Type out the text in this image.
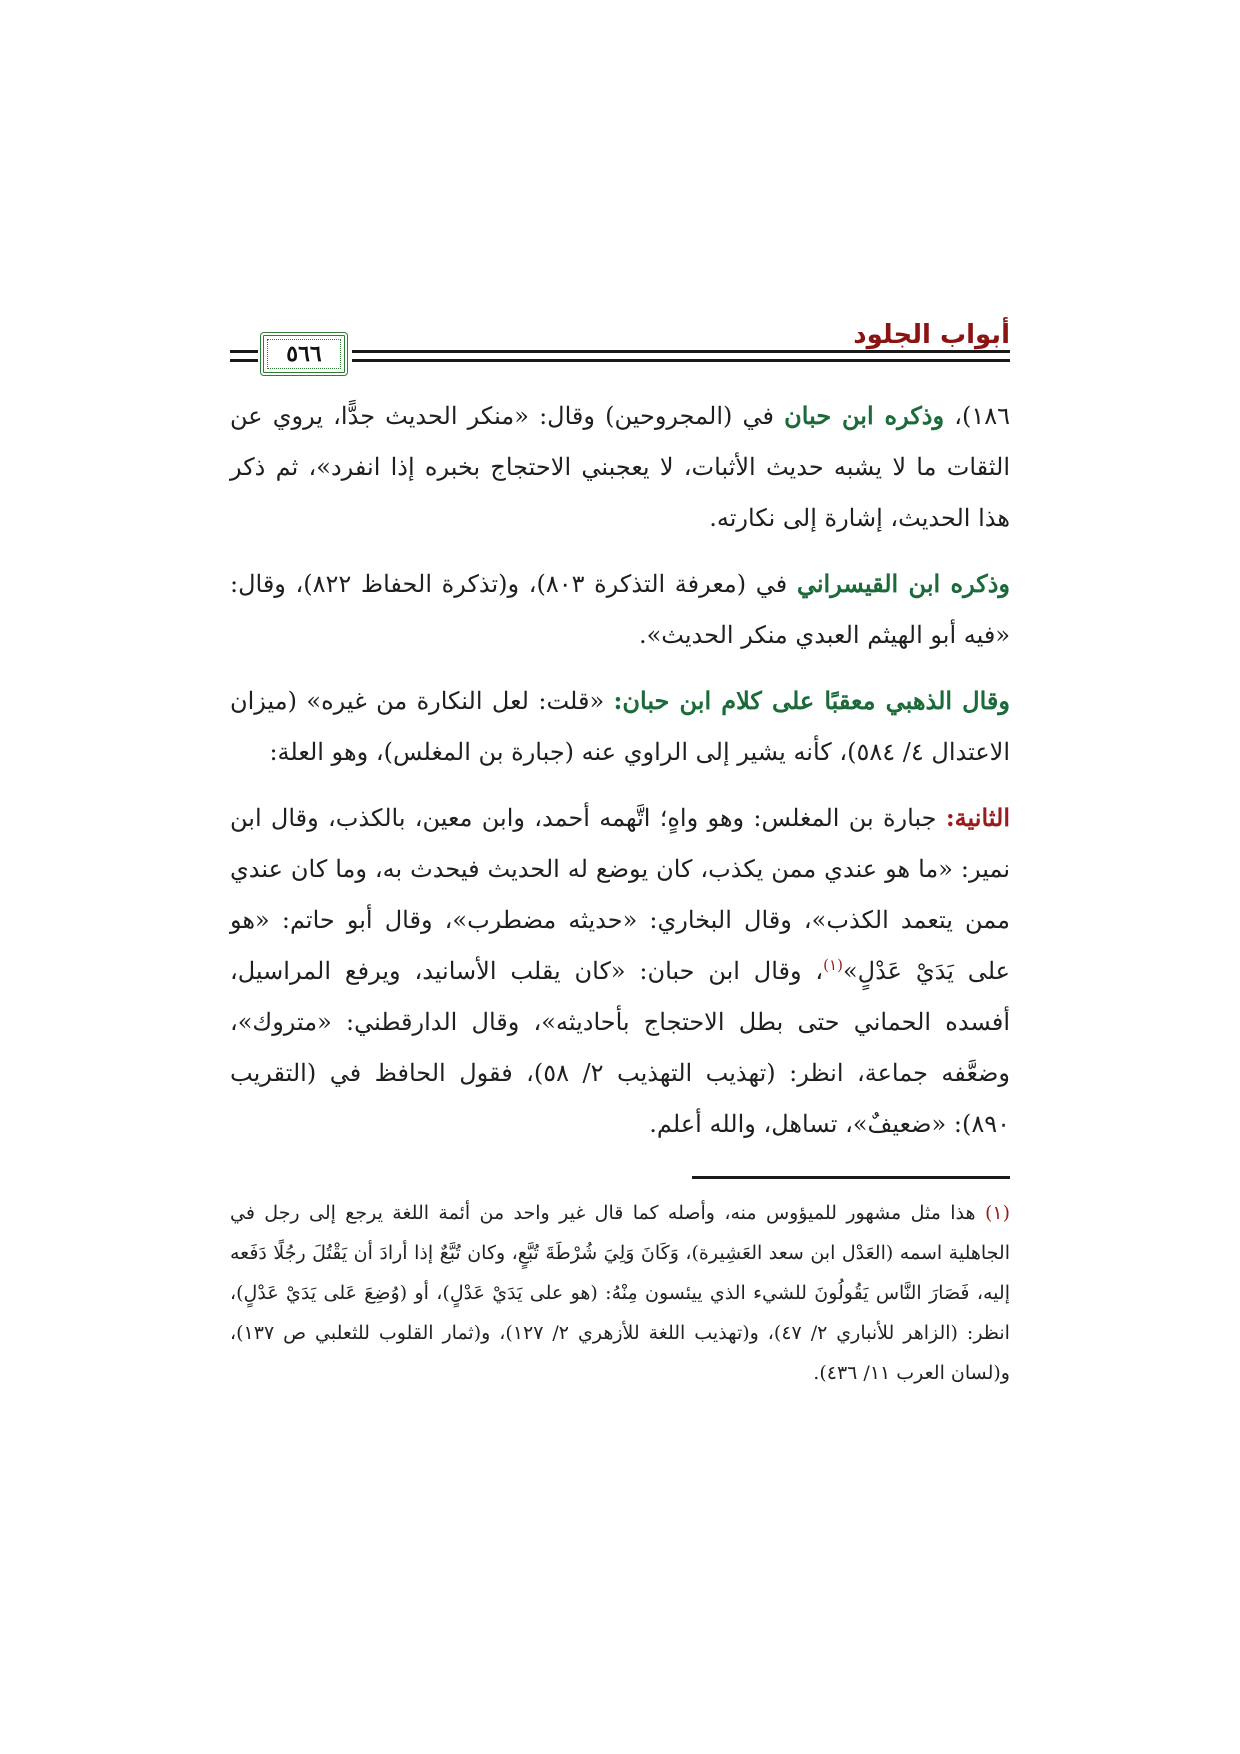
أبواب الجلود
٥٦٦

١٨٦)، وذكره ابن حبان في (المجروحين) وقال: «منكر الحديث جدًّا، يروي عن الثقات ما لا يشبه حديث الأثبات، لا يعجبني الاحتجاج بخبره إذا انفرد»، ثم ذكر هذا الحديث، إشارة إلى نكارته.

وذكره ابن القيسراني في (معرفة التذكرة ٨٠٣)، و(تذكرة الحفاظ ٨٢٢)، وقال: «فيه أبو الهيثم العبدي منكر الحديث».

وقال الذهبي معقبًا على كلام ابن حبان: «قلت: لعل النكارة من غيره» (ميزان الاعتدال ٤/ ٥٨٤)، كأنه يشير إلى الراوي عنه (جبارة بن المغلس)، وهو العلة:

الثانية: جبارة بن المغلس: وهو واهٍ؛ اتَّهمه أحمد، وابن معين، بالكذب، وقال ابن نمير: «ما هو عندي ممن يكذب، كان يوضع له الحديث فيحدث به، وما كان عندي ممن يتعمد الكذب»، وقال البخاري: «حديثه مضطرب»، وقال أبو حاتم: «هو على يَدَيْ عَدْلٍ»$^{(١)}$، وقال ابن حبان: «كان يقلب الأسانيد، ويرفع المراسيل، أفسده الحماني حتى بطل الاحتجاج بأحاديثه»، وقال الدارقطني: «متروك»، وضعَّفه جماعة، انظر: (تهذيب التهذيب ٢/ ٥٨)، فقول الحافظ في (التقريب ٨٩٠): «ضعيفٌ»، تساهل، والله أعلم.

(١) هذا مثل مشهور للميؤوس منه، وأصله كما قال غير واحد من أئمة اللغة يرجع إلى رجل في الجاهلية اسمه (العَدْل ابن سعد العَشِيرة)، وَكَانَ وَلِيَ شُرْطَةَ تُبَّعٍ، وكان تُبَّعٌ إذا أرادَ أن يَقْتُلَ رجُلًا دَفَعه إليه، فَصَارَ النَّاس يَقُولُونَ للشيء الذي ييئسون مِنْهُ: (هو على يَدَيْ عَدْلٍ)، أو (وُضِعَ عَلى يَدَيْ عَدْلٍ)، انظر: (الزاهر للأنباري ٢/ ٤٧)، و(تهذيب اللغة للأزهري ٢/ ١٢٧)، و(ثمار القلوب للثعلبي ص ١٣٧)، و(لسان العرب ١١/ ٤٣٦).
